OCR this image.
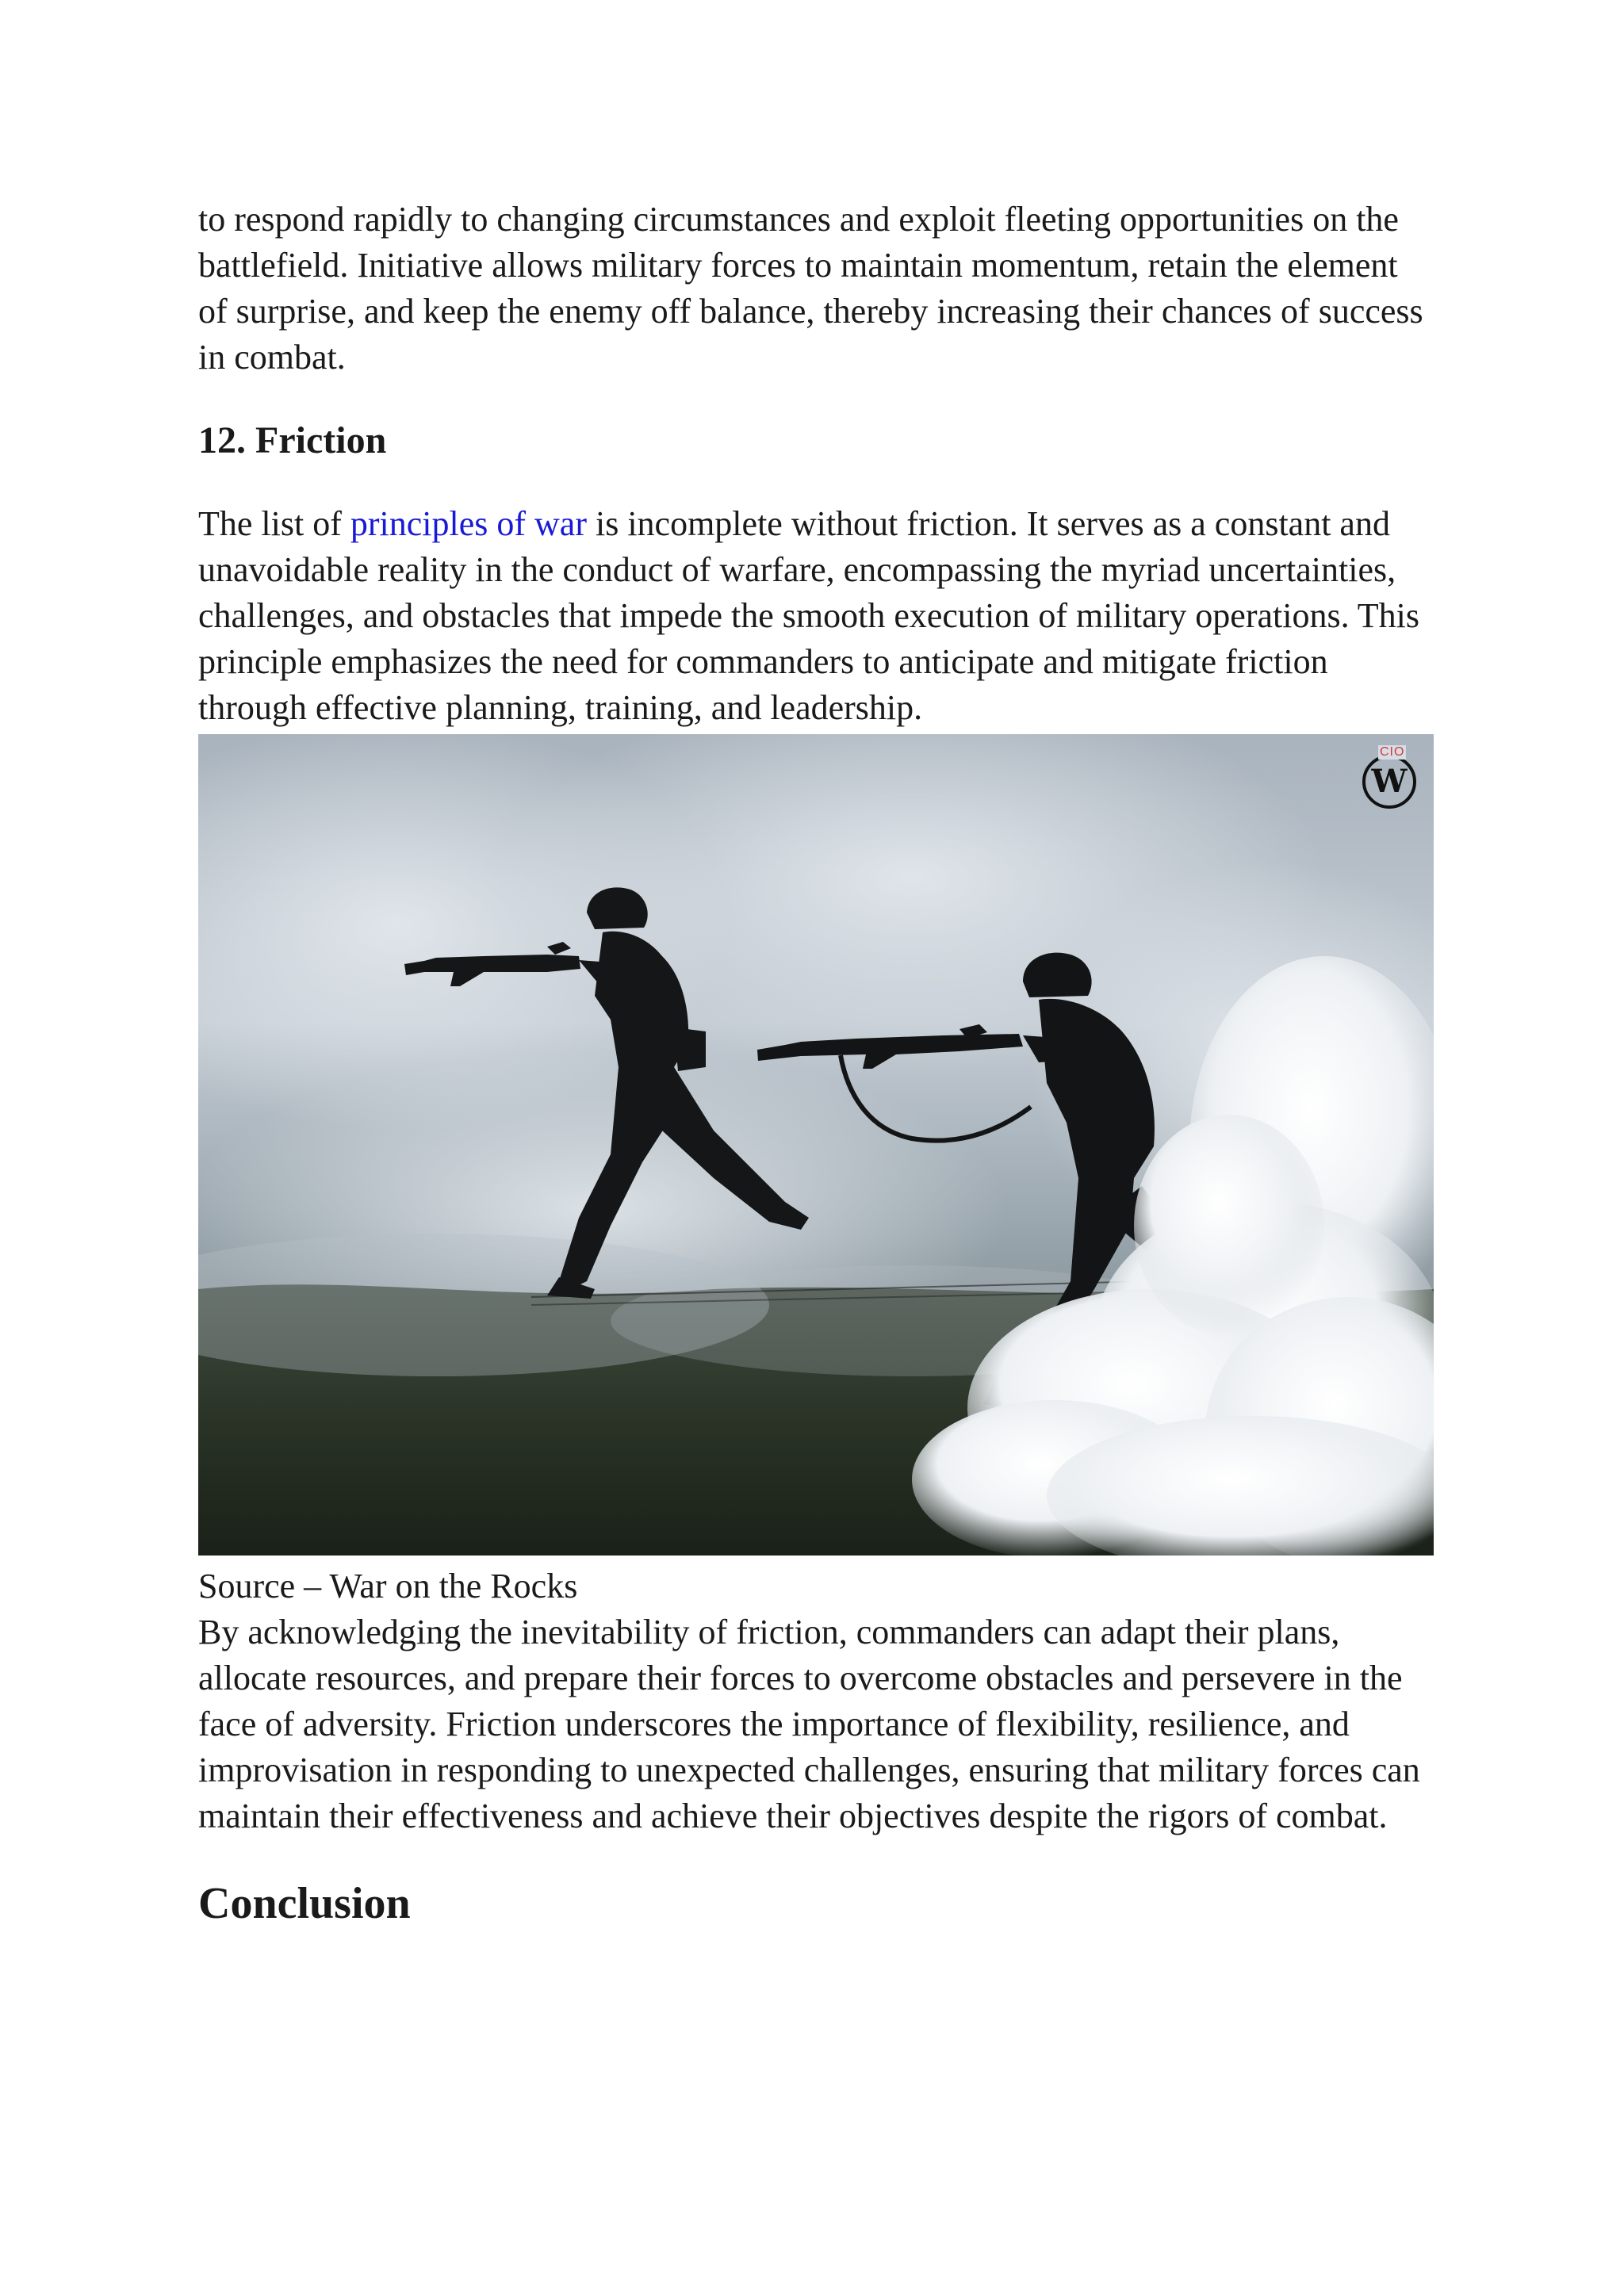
to respond rapidly to changing circumstances and exploit fleeting opportunities on the battlefield. Initiative allows military forces to maintain momentum, retain the element of surprise, and keep the enemy off balance, thereby increasing their chances of success in combat.

12. Friction

The list of principles of war is incomplete without friction. It serves as a constant and unavoidable reality in the conduct of warfare, encompassing the myriad uncertainties, challenges, and obstacles that impede the smooth execution of military operations. This principle emphasizes the need for commanders to anticipate and mitigate friction through effective planning, training, and leadership.

W
CIO

Source – War on the Rocks

By acknowledging the inevitability of friction, commanders can adapt their plans, allocate resources, and prepare their forces to overcome obstacles and persevere in the face of adversity. Friction underscores the importance of flexibility, resilience, and improvisation in responding to unexpected challenges, ensuring that military forces can maintain their effectiveness and achieve their objectives despite the rigors of combat.

Conclusion
